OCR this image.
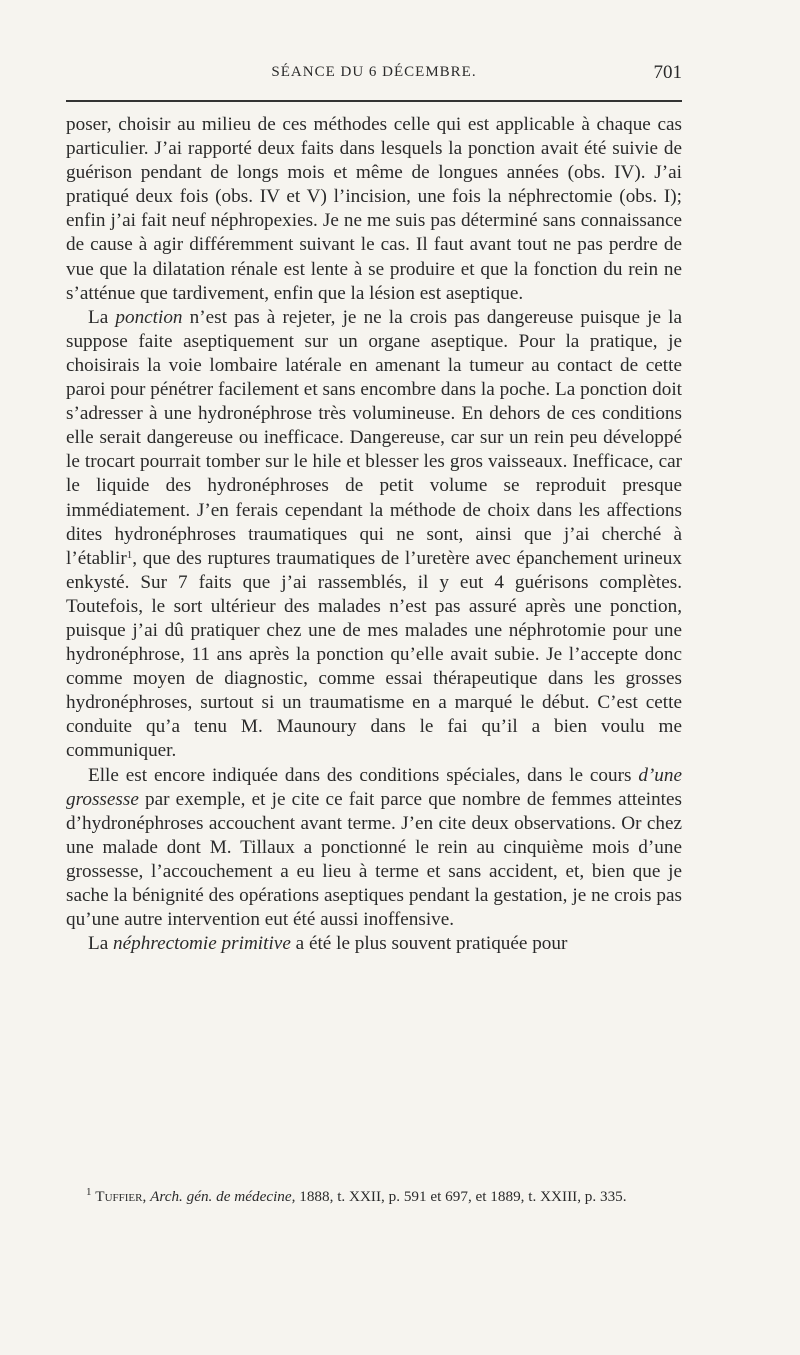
SÉANCE DU 6 DÉCEMBRE.	701

poser, choisir au milieu de ces méthodes celle qui est applicable à chaque cas particulier. J’ai rapporté deux faits dans lesquels la ponction avait été suivie de guérison pendant de longs mois et même de longues années (obs. IV). J’ai pratiqué deux fois (obs. IV et V) l’incision, une fois la néphrectomie (obs. I); enfin j’ai fait neuf néphropexies. Je ne me suis pas déterminé sans connaissance de cause à agir différemment suivant le cas. Il faut avant tout ne pas perdre de vue que la dilatation rénale est lente à se produire et que la fonction du rein ne s’atténue que tardivement, enfin que la lésion est aseptique.

La ponction n’est pas à rejeter, je ne la crois pas dangereuse puisque je la suppose faite aseptiquement sur un organe aseptique. Pour la pratique, je choisirais la voie lombaire latérale en amenant la tumeur au contact de cette paroi pour pénétrer facilement et sans encombre dans la poche. La ponction doit s’adresser à une hydronéphrose très volumineuse. En dehors de ces conditions elle serait dangereuse ou inefficace. Dangereuse, car sur un rein peu développé le trocart pourrait tomber sur le hile et blesser les gros vaisseaux. Inefficace, car le liquide des hydronéphroses de petit volume se reproduit presque immédiatement. J’en ferais cependant la méthode de choix dans les affections dites hydronéphroses traumatiques qui ne sont, ainsi que j’ai cherché à l’établir$^1$, que des ruptures traumatiques de l’uretère avec épanchement urineux enkysté. Sur 7 faits que j’ai rassemblés, il y eut 4 guérisons complètes. Toutefois, le sort ultérieur des malades n’est pas assuré après une ponction, puisque j’ai dû pratiquer chez une de mes malades une néphrotomie pour une hydronéphrose, 11 ans après la ponction qu’elle avait subie. Je l’accepte donc comme moyen de diagnostic, comme essai thérapeutique dans les grosses hydronéphroses, surtout si un traumatisme en a marqué le début. C’est cette conduite qu’a tenu M. Maunoury dans le fai qu’il a bien voulu me communiquer.

Elle est encore indiquée dans des conditions spéciales, dans le cours d’une grossesse par exemple, et je cite ce fait parce que nombre de femmes atteintes d’hydronéphroses accouchent avant terme. J’en cite deux observations. Or chez une malade dont M. Tillaux a ponctionné le rein au cinquième mois d’une grossesse, l’accouchement a eu lieu à terme et sans accident, et, bien que je sache la bénignité des opérations aseptiques pendant la gestation, je ne crois pas qu’une autre intervention eut été aussi inoffensive.

La néphrectomie primitive a été le plus souvent pratiquée pour

$^1$ Tuffier, Arch. gén. de médecine, 1888, t. XXII, p. 591 et 697, et 1889, t. XXIII, p. 335.
